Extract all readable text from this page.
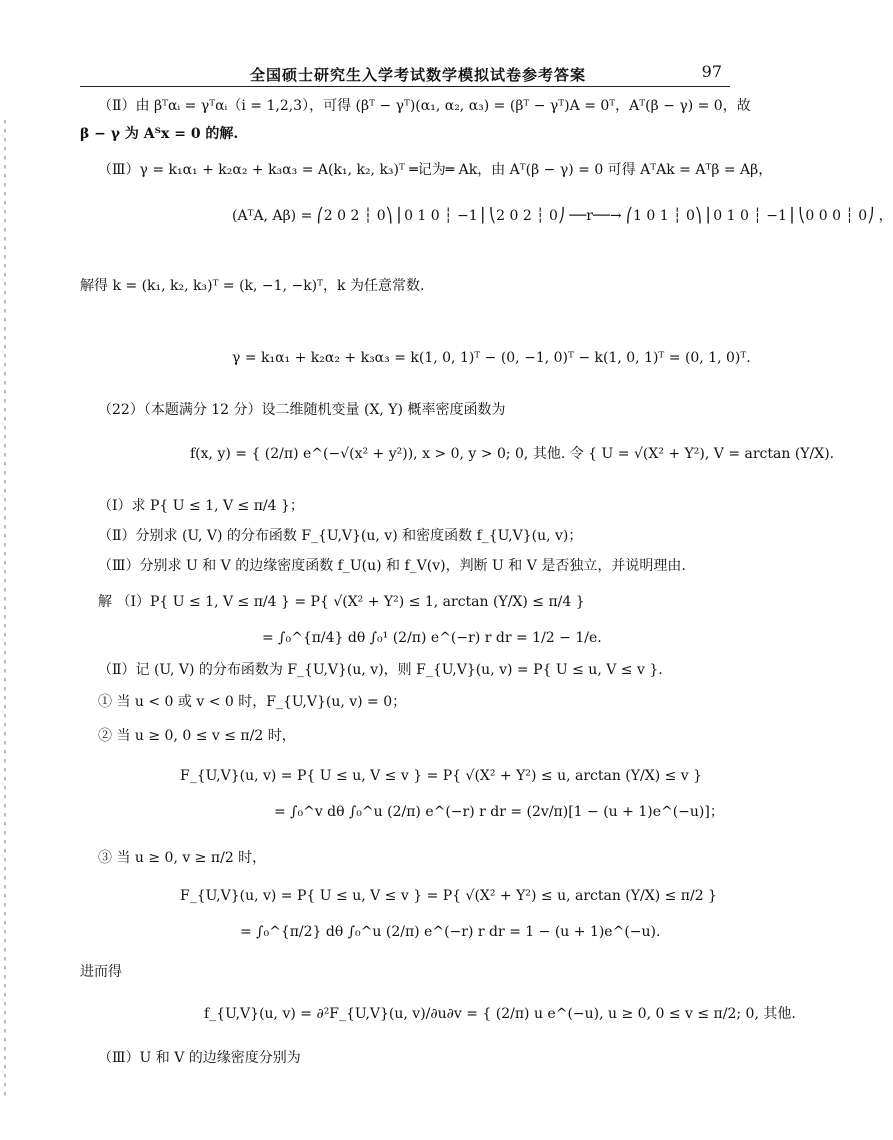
全国硕士研究生入学考试数学模拟试卷参考答案	97
（Ⅱ）由 βᵀαᵢ = γᵀαᵢ（i = 1,2,3），可得 (βᵀ − γᵀ)(α₁, α₂, α₃) = (βᵀ − γᵀ)A = 0ᵀ，Aᵀ(β − γ) = 0，故
β − γ 为 Aᵀx = 0 的解.
（Ⅲ）γ = k₁α₁ + k₂α₂ + k₃α₃ = A(k₁, k₂, k₃)ᵀ ═记为═ Ak，由 Aᵀ(β − γ) = 0 可得 AᵀAk = Aᵀβ = Aβ，
(AᵀA, Aβ) = ⎛2 0 2 ┆ 0⎞ ⎜0 1 0 ┆ −1⎟ ⎝2 0 2 ┆ 0⎠ ──r──→ ⎛1 0 1 ┆ 0⎞ ⎜0 1 0 ┆ −1⎟ ⎝0 0 0 ┆ 0⎠ ，
解得 k = (k₁, k₂, k₃)ᵀ = (k, −1, −k)ᵀ，k 为任意常数.
γ = k₁α₁ + k₂α₂ + k₃α₃ = k(1, 0, 1)ᵀ − (0, −1, 0)ᵀ − k(1, 0, 1)ᵀ = (0, 1, 0)ᵀ.
（22）（本题满分 12 分）设二维随机变量 (X, Y) 概率密度函数为
f(x, y) = { (2/π) e^(−√(x² + y²)), x > 0, y > 0; 0, 其他. 令 { U = √(X² + Y²), V = arctan (Y/X).
（Ⅰ）求 P{ U ≤ 1, V ≤ π/4 }；
（Ⅱ）分别求 (U, V) 的分布函数 F_{U,V}(u, v) 和密度函数 f_{U,V}(u, v)；
（Ⅲ）分别求 U 和 V 的边缘密度函数 f_U(u) 和 f_V(v)，判断 U 和 V 是否独立，并说明理由.
解 （Ⅰ）P{ U ≤ 1, V ≤ π/4 } = P{ √(X² + Y²) ≤ 1, arctan (Y/X) ≤ π/4 }
= ∫₀^{π/4} dθ ∫₀¹ (2/π) e^(−r) r dr = 1/2 − 1/e.
（Ⅱ）记 (U, V) 的分布函数为 F_{U,V}(u, v)，则 F_{U,V}(u, v) = P{ U ≤ u, V ≤ v }.
① 当 u < 0 或 v < 0 时，F_{U,V}(u, v) = 0；
② 当 u ≥ 0, 0 ≤ v ≤ π/2 时，
F_{U,V}(u, v) = P{ U ≤ u, V ≤ v } = P{ √(X² + Y²) ≤ u, arctan (Y/X) ≤ v }
= ∫₀^v dθ ∫₀^u (2/π) e^(−r) r dr = (2v/π)[1 − (u + 1)e^(−u)]；
③ 当 u ≥ 0, v ≥ π/2 时，
F_{U,V}(u, v) = P{ U ≤ u, V ≤ v } = P{ √(X² + Y²) ≤ u, arctan (Y/X) ≤ π/2 }
= ∫₀^{π/2} dθ ∫₀^u (2/π) e^(−r) r dr = 1 − (u + 1)e^(−u).
进而得
f_{U,V}(u, v) = ∂²F_{U,V}(u, v)/∂u∂v = { (2/π) u e^(−u), u ≥ 0, 0 ≤ v ≤ π/2; 0, 其他.
（Ⅲ）U 和 V 的边缘密度分别为
